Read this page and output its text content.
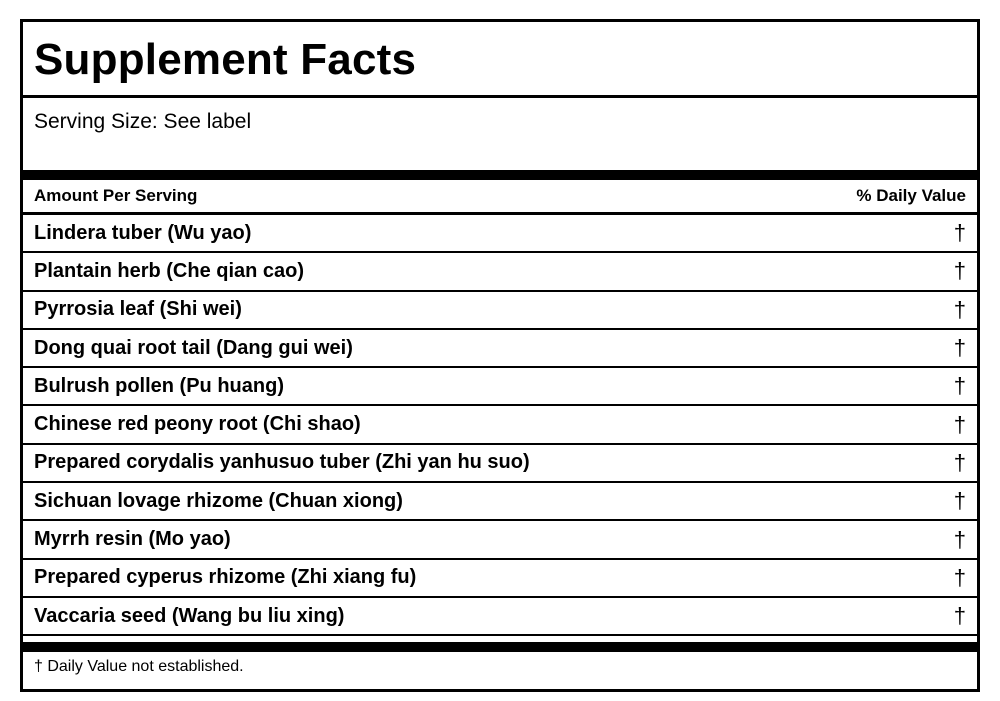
Supplement Facts
Serving Size: See label
Amount Per Serving	% Daily Value
Lindera tuber (Wu yao)	†
Plantain herb (Che qian cao)	†
Pyrrosia leaf (Shi wei)	†
Dong quai root tail (Dang gui wei)	†
Bulrush pollen (Pu huang)	†
Chinese red peony root (Chi shao)	†
Prepared corydalis yanhusuo tuber (Zhi yan hu suo)	†
Sichuan lovage rhizome (Chuan xiong)	†
Myrrh resin (Mo yao)	†
Prepared cyperus rhizome (Zhi xiang fu)	†
Vaccaria seed (Wang bu liu xing)	†
† Daily Value not established.
